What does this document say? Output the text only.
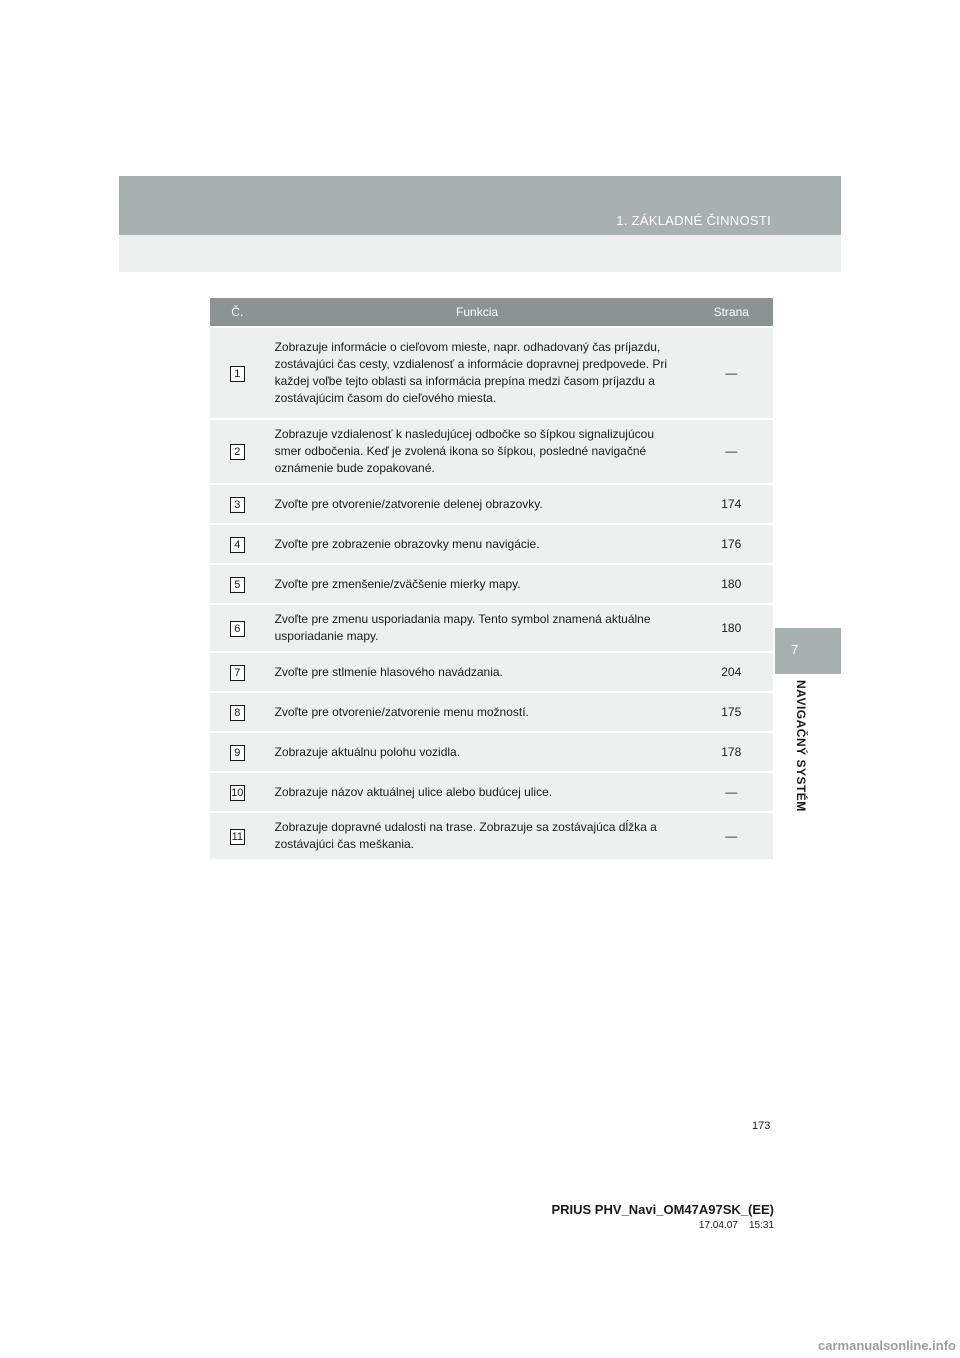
1. ZÁKLADNÉ ČINNOSTI
7
NAVIGAČNÝ SYSTÉM
Č.	Funkcia	Strana
1	Zobrazuje informácie o cieľovom mieste, napr. odhadovaný čas príjazdu, zostávajúci čas cesty, vzdialenosť a informácie dopravnej predpovede. Pri každej voľbe tejto oblasti sa informácia prepína medzi časom príjazdu a zostávajúcim časom do cieľového miesta.	—
2	Zobrazuje vzdialenosť k nasledujúcej odbočke so šípkou signalizujúcou smer odbočenia. Keď je zvolená ikona so šípkou, posledné navigačné oznámenie bude zopakované.	—
3	Zvoľte pre otvorenie/zatvorenie delenej obrazovky.	174
4	Zvoľte pre zobrazenie obrazovky menu navigácie.	176
5	Zvoľte pre zmenšenie/zväčšenie mierky mapy.	180
6	Zvoľte pre zmenu usporiadania mapy. Tento symbol znamená aktuálne usporiadanie mapy.	180
7	Zvoľte pre stlmenie hlasového navádzania.	204
8	Zvoľte pre otvorenie/zatvorenie menu možností.	175
9	Zobrazuje aktuálnu polohu vozidla.	178
10	Zobrazuje názov aktuálnej ulice alebo budúcej ulice.	—
11	Zobrazuje dopravné udalosti na trase. Zobrazuje sa zostávajúca dĺžka a zostávajúci čas meškania.	—
173
PRIUS PHV_Navi_OM47A97SK_(EE)
17.04.07 15:31
carmanualsonline.info
